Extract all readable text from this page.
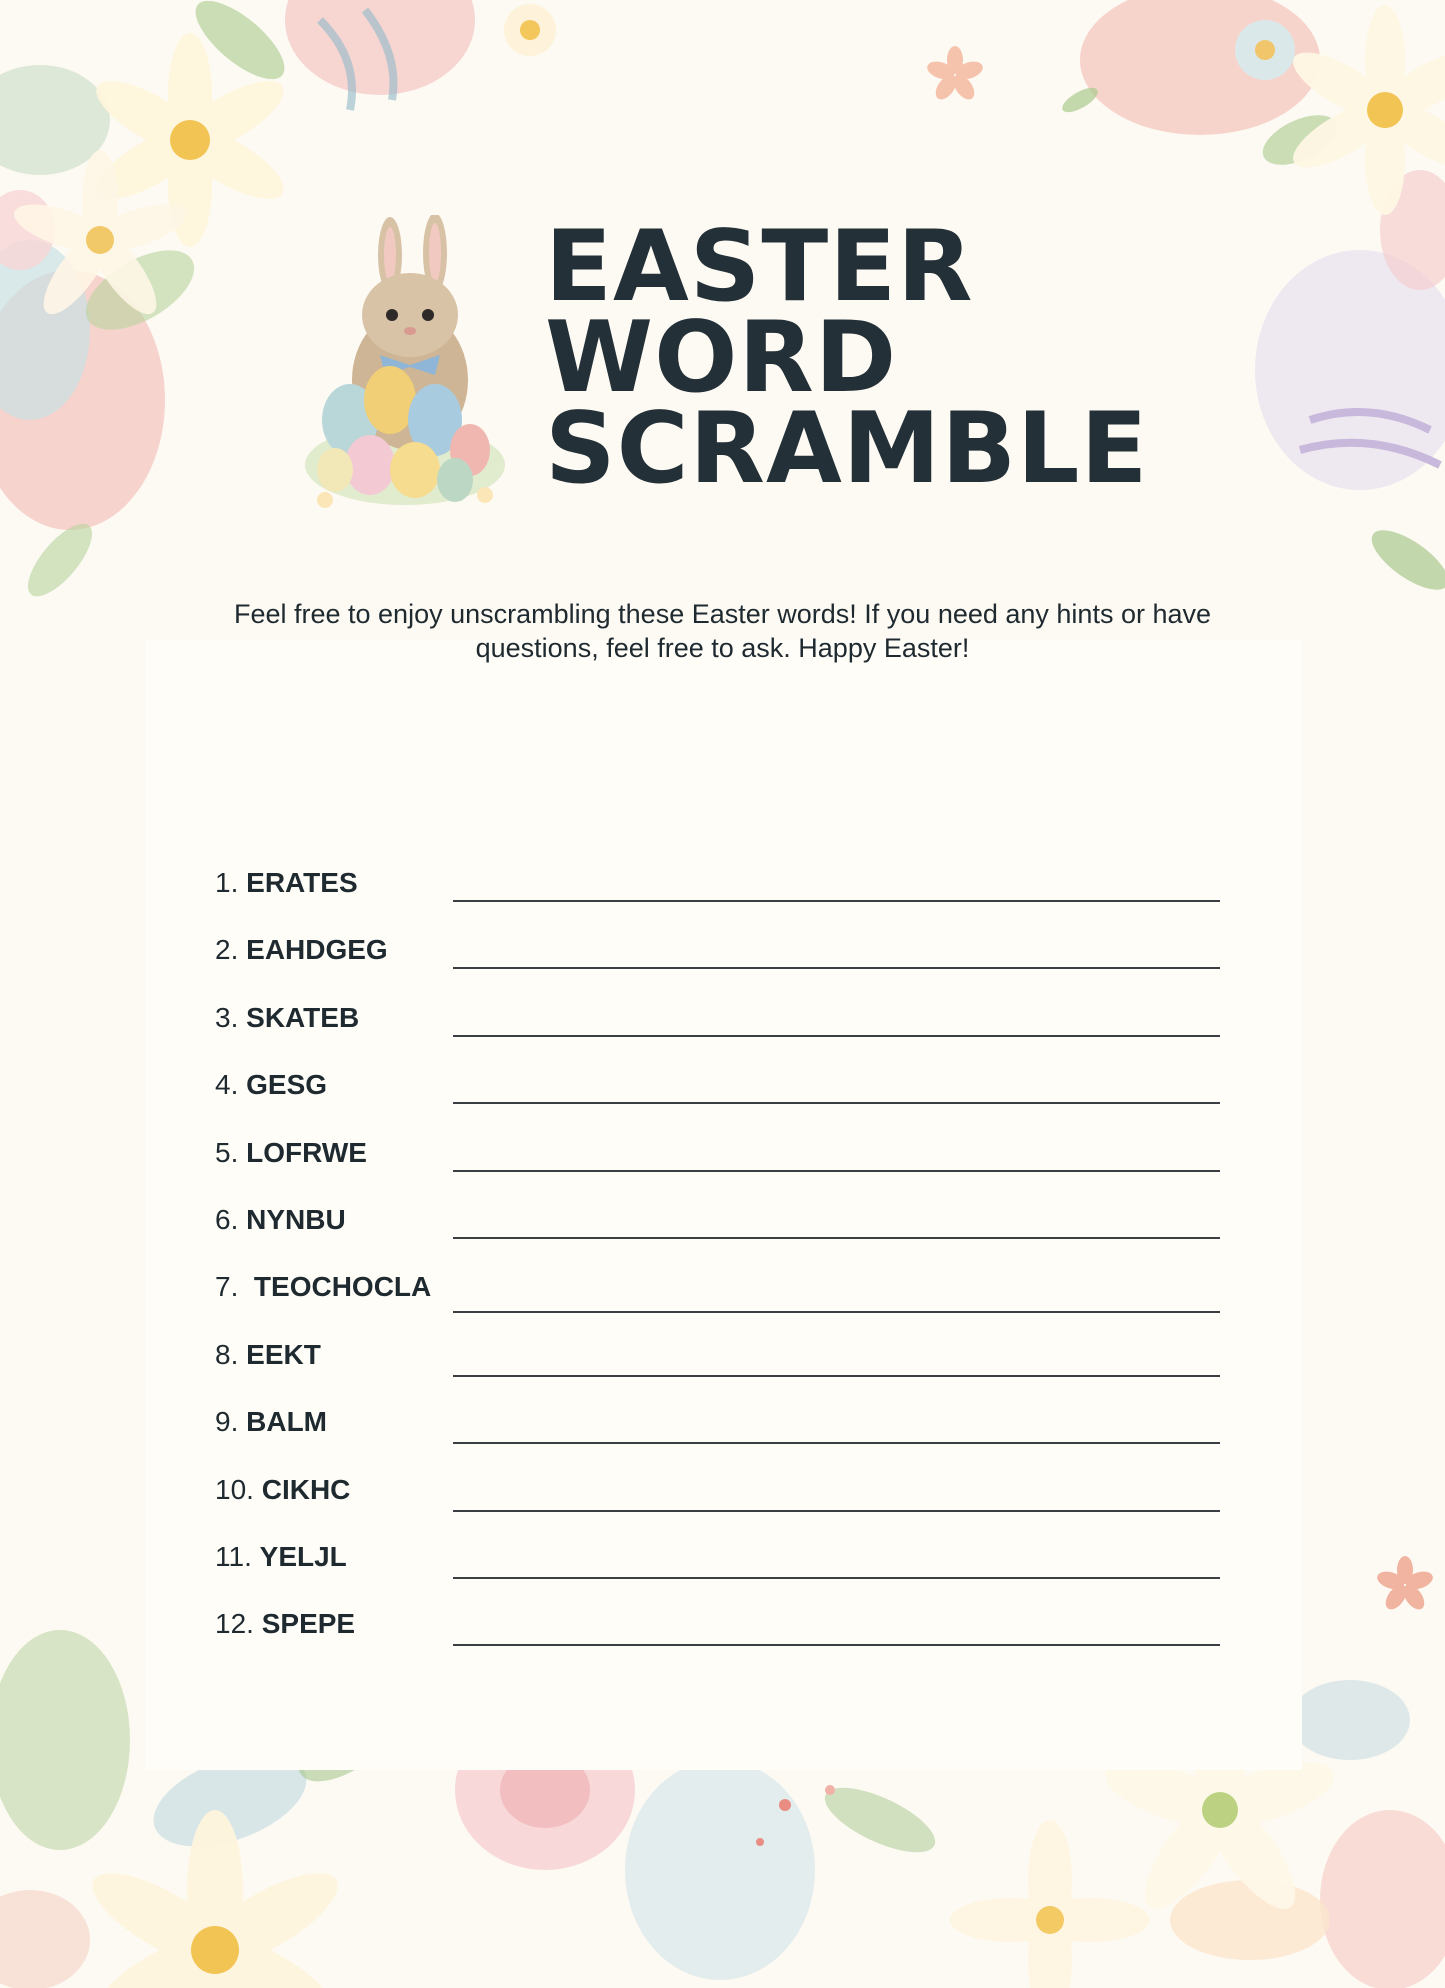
EASTER
WORD
SCRAMBLE

Feel free to enjoy unscrambling these Easter words! If you need any hints or have questions, feel free to ask. Happy Easter!

1. ERATES
2. EAHDGEG
3. SKATEB
4. GESG
5. LOFRWE
6. NYNBU
7.  TEOCHOCLA
8. EEKT
9. BALM
10. CIKHC
11. YELJL
12. SPEPE
